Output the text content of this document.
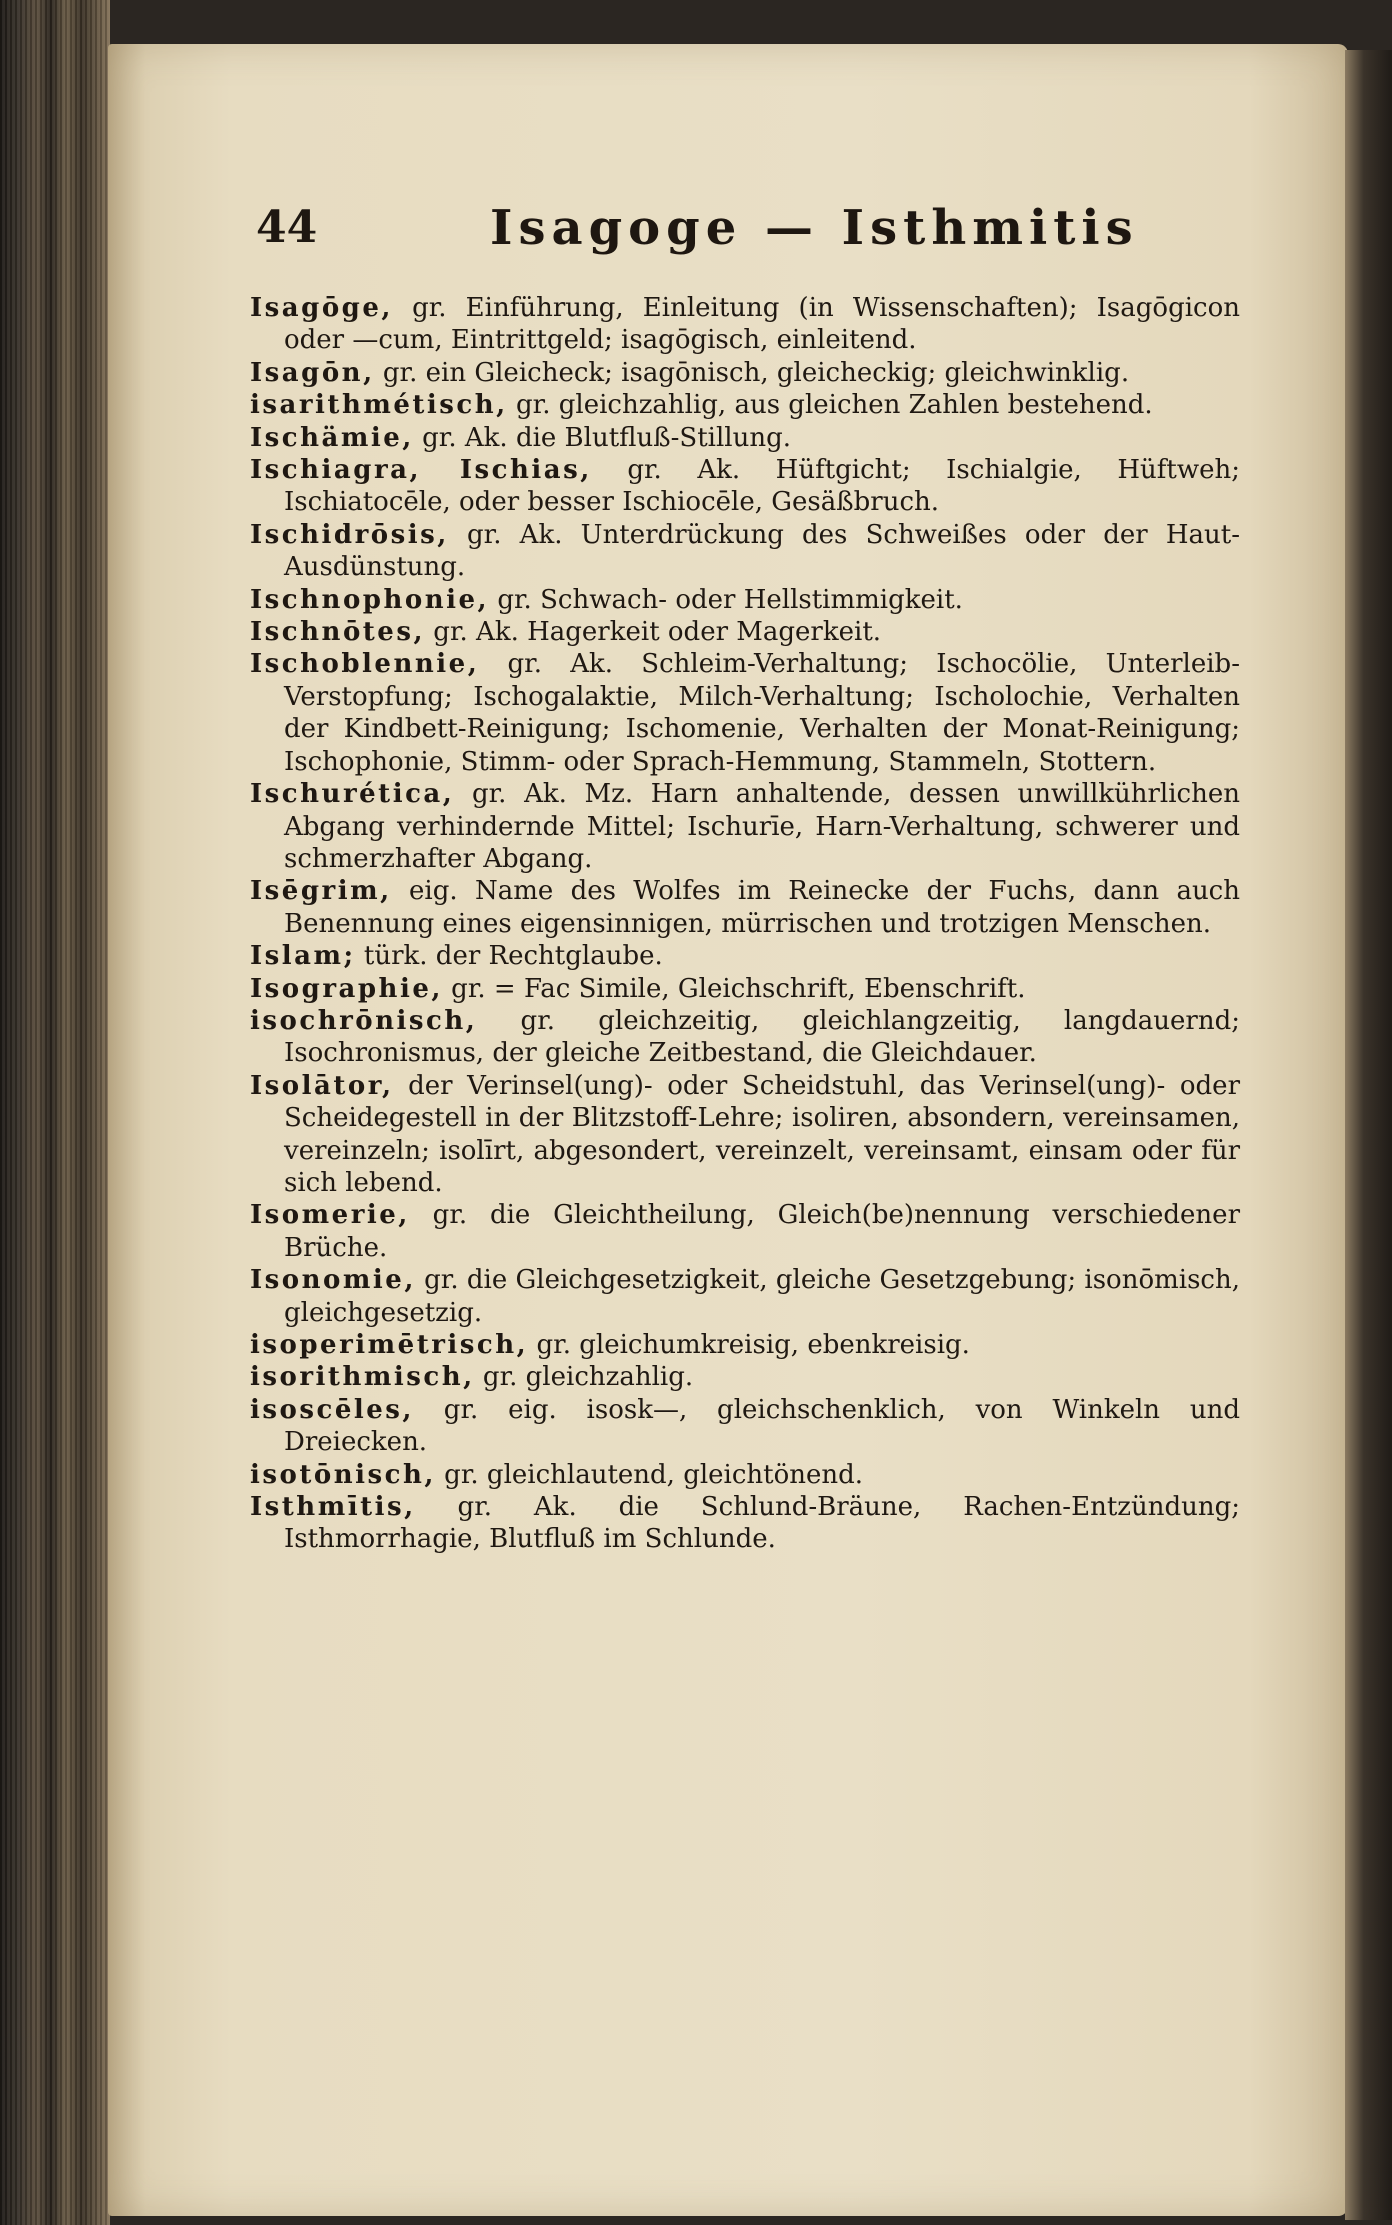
44	Isagoge — Isthmitis

Isagōge, gr. Einführung, Einleitung (in Wissenschaften); Isagōgicon oder —cum, Eintrittgeld; isagōgisch, einleitend.

Isagōn, gr. ein Gleicheck; isagōnisch, gleicheckig; gleichwinklig.

isarithmétisch, gr. gleichzahlig, aus gleichen Zahlen bestehend.

Ischämie, gr. Ak. die Blutfluß-Stillung.

Ischiagra, Ischias, gr. Ak. Hüftgicht; Ischialgie, Hüftweh; Ischiatocēle, oder besser Ischiocēle, Gesäßbruch.

Ischidrōsis, gr. Ak. Unterdrückung des Schweißes oder der Haut-Ausdünstung.

Ischnophonie, gr. Schwach- oder Hellstimmigkeit.

Ischnōtes, gr. Ak. Hagerkeit oder Magerkeit.

Ischoblennie, gr. Ak. Schleim-Verhaltung; Ischocölie, Unterleib-Verstopfung; Ischogalaktie, Milch-Verhaltung; Ischolochie, Verhalten der Kindbett-Reinigung; Ischomenie, Verhalten der Monat-Reinigung; Ischophonie, Stimm- oder Sprach-Hemmung, Stammeln, Stottern.

Ischurética, gr. Ak. Mz. Harn anhaltende, dessen unwillkührlichen Abgang verhindernde Mittel; Ischurīe, Harn-Verhaltung, schwerer und schmerzhafter Abgang.

Isēgrim, eig. Name des Wolfes im Reinecke der Fuchs, dann auch Benennung eines eigensinnigen, mürrischen und trotzigen Menschen.

Islam; türk. der Rechtglaube.

Isographie, gr. = Fac Simile, Gleichschrift, Ebenschrift.

isochrōnisch, gr. gleichzeitig, gleichlangzeitig, langdauernd; Isochronismus, der gleiche Zeitbestand, die Gleichdauer.

Isolātor, der Verinsel(ung)- oder Scheidstuhl, das Verinsel(ung)- oder Scheidegestell in der Blitzstoff-Lehre; isoliren, absondern, vereinsamen, vereinzeln; isolīrt, abgesondert, vereinzelt, vereinsamt, einsam oder für sich lebend.

Isomerie, gr. die Gleichtheilung, Gleich(be)nennung verschiedener Brüche.

Isonomie, gr. die Gleichgesetzigkeit, gleiche Gesetzgebung; isonōmisch, gleichgesetzig.

isoperimētrisch, gr. gleichumkreisig, ebenkreisig.

isorithmisch, gr. gleichzahlig.

isoscēles, gr. eig. isosk—, gleichschenklich, von Winkeln und Dreiecken.

isotōnisch, gr. gleichlautend, gleichtönend.

Isthmītis, gr. Ak. die Schlund-Bräune, Rachen-Entzündung; Isthmorrhagie, Blutfluß im Schlunde.
